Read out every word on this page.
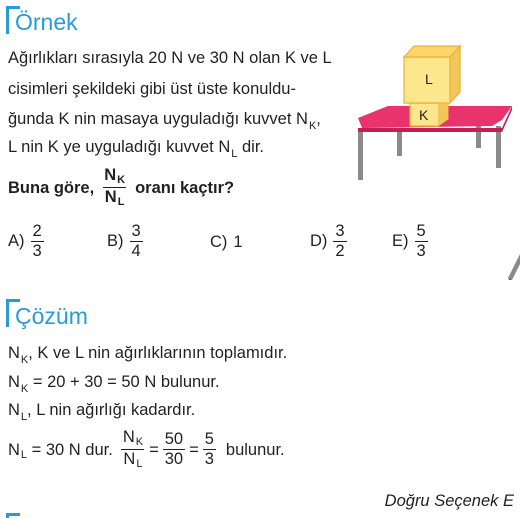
Örnek
Ağırlıkları sırasıyla 20 N ve 30 N olan K ve L
cisimleri şekildeki gibi üst üste konuldu-
ğunda K nin masaya uyguladığı kuvvet $N_K$,
L nin K ye uyguladığı kuvvet $N_L$ dir.
Buna göre, $\frac{NK}{NL}$ oranı kaçtır?
L
K
$A) \frac{2}{3}$	$B) \frac{3}{4}$	C) 1	$D) \frac{3}{2}$	$E) \frac{5}{3}$
Çözüm
$N_K$, K ve L nin ağırlıklarının toplamıdır.
$N_K = 20 + 30 = 50$ N bulunur.
$N_L$, L nin ağırlığı kadardır.
N L = 30 N dur. $\frac{NK}{NL} = \frac{50}{30} = \frac{5}{3}$ bulunur.
Doğru Seçenek E
